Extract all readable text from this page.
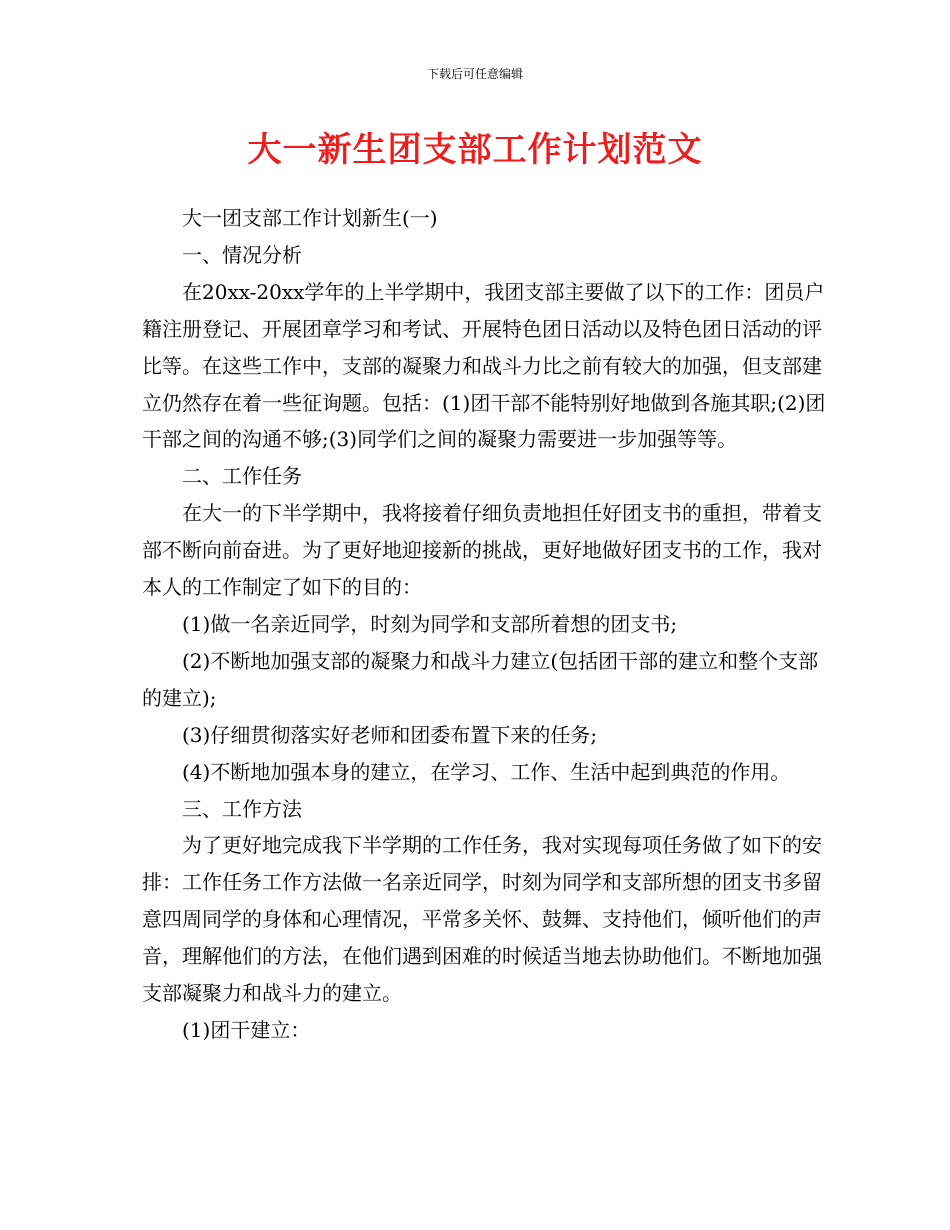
下载后可任意编辑
大一新生团支部工作计划范文

大一团支部工作计划新生(一)

一、情况分析

在20xx-20xx学年的上半学期中，我团支部主要做了以下的工作：团员户籍注册登记、开展团章学习和考试、开展特色团日活动以及特色团日活动的评比等。在这些工作中，支部的凝聚力和战斗力比之前有较大的加强，但支部建立仍然存在着一些征询题。包括：(1)团干部不能特别好地做到各施其职;(2)团干部之间的沟通不够;(3)同学们之间的凝聚力需要进一步加强等等。

二、工作任务

在大一的下半学期中，我将接着仔细负责地担任好团支书的重担，带着支部不断向前奋进。为了更好地迎接新的挑战，更好地做好团支书的工作，我对本人的工作制定了如下的目的：

(1)做一名亲近同学，时刻为同学和支部所着想的团支书;

(2)不断地加强支部的凝聚力和战斗力建立(包括团干部的建立和整个支部的建立);

(3)仔细贯彻落实好老师和团委布置下来的任务;

(4)不断地加强本身的建立，在学习、工作、生活中起到典范的作用。

三、工作方法

为了更好地完成我下半学期的工作任务，我对实现每项任务做了如下的安排：工作任务工作方法做一名亲近同学，时刻为同学和支部所想的团支书多留意四周同学的身体和心理情况，平常多关怀、鼓舞、支持他们，倾听他们的声音，理解他们的方法，在他们遇到困难的时候适当地去协助他们。不断地加强支部凝聚力和战斗力的建立。

(1)团干建立：
